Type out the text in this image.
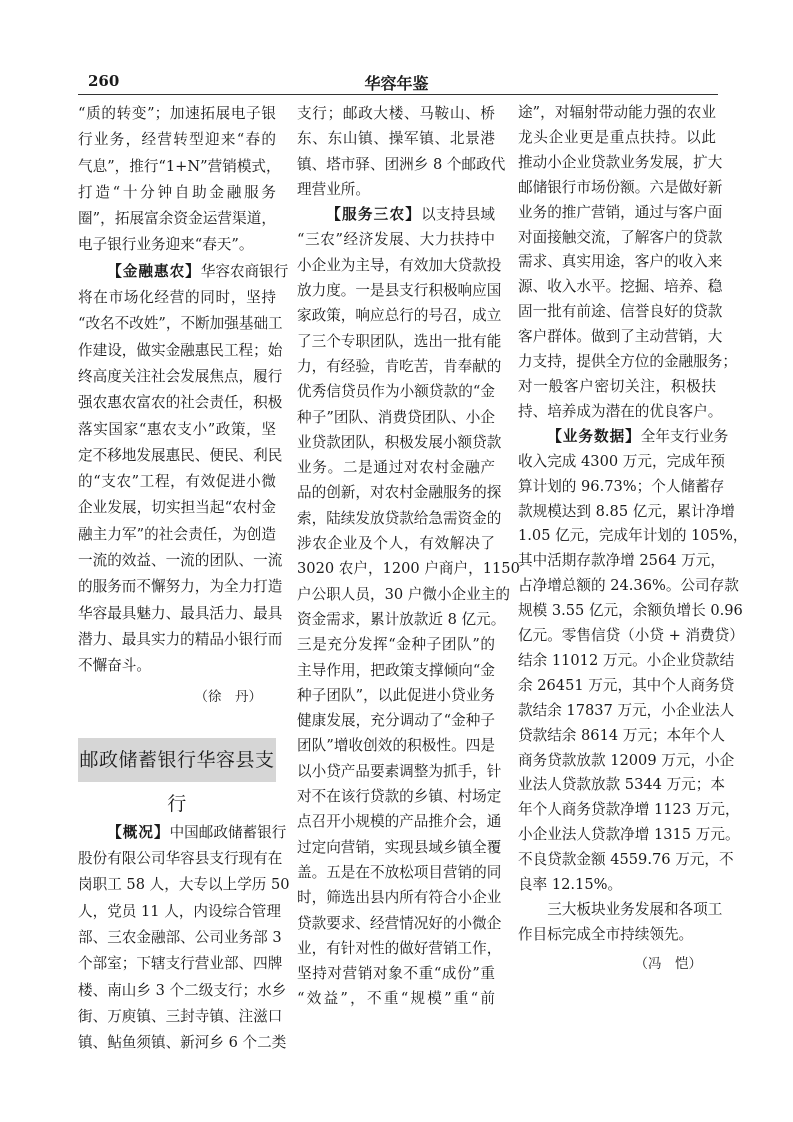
260	华容年鉴
“质的转变”；加速拓展电子银
行业务，经营转型迎来“春的
气息”，推行“1+N”营销模式，
打造“十分钟自助金融服务
圈”，拓展富余资金运营渠道，
电子银行业务迎来“春天”。
【金融惠农】华容农商银行
将在市场化经营的同时，坚持
“改名不改姓”，不断加强基础工
作建设，做实金融惠民工程；始
终高度关注社会发展焦点，履行
强农惠农富农的社会责任，积极
落实国家“惠农支小”政策，坚
定不移地发展惠民、便民、利民
的“支农”工程，有效促进小微
企业发展，切实担当起“农村金
融主力军”的社会责任，为创造
一流的效益、一流的团队、一流
的服务而不懈努力，为全力打造
华容最具魅力、最具活力、最具
潜力、最具实力的精品小银行而
不懈奋斗。
（徐　丹）
邮政储蓄银行华容县支行
【概况】中国邮政储蓄银行
股份有限公司华容县支行现有在
岗职工 58 人，大专以上学历 50
人，党员 11 人，内设综合管理
部、三农金融部、公司业务部 3
个部室；下辖支行营业部、四牌
楼、南山乡 3 个二级支行；水乡
街、万庾镇、三封寺镇、注滋口
镇、鲇鱼须镇、新河乡 6 个二类
支行；邮政大楼、马鞍山、桥
东、东山镇、操军镇、北景港
镇、塔市驿、团洲乡 8 个邮政代
理营业所。
【服务三农】以支持县域
“三农”经济发展、大力扶持中
小企业为主导，有效加大贷款投
放力度。一是县支行积极响应国
家政策，响应总行的号召，成立
了三个专职团队，选出一批有能
力，有经验，肯吃苦，肯奉献的
优秀信贷员作为小额贷款的“金
种子”团队、消费贷团队、小企
业贷款团队，积极发展小额贷款
业务。二是通过对农村金融产
品的创新，对农村金融服务的探
索，陆续发放贷款给急需资金的
涉农企业及个人，有效解决了
3020 农户，1200 户商户，1150
户公职人员，30 户微小企业主的
资金需求，累计放款近 8 亿元。
三是充分发挥“金种子团队”的
主导作用，把政策支撑倾向“金
种子团队”，以此促进小贷业务
健康发展，充分调动了“金种子
团队”增收创效的积极性。四是
以小贷产品要素调整为抓手，针
对不在该行贷款的乡镇、村场定
点召开小规模的产品推介会，通
过定向营销，实现县域乡镇全覆
盖。五是在不放松项目营销的同
时，筛选出县内所有符合小企业
贷款要求、经营情况好的小微企
业，有针对性的做好营销工作，
坚持对营销对象不重“成份”重
“效益”，不重“规模”重“前
途”，对辐射带动能力强的农业
龙头企业更是重点扶持。以此
推动小企业贷款业务发展，扩大
邮储银行市场份额。六是做好新
业务的推广营销，通过与客户面
对面接触交流，了解客户的贷款
需求、真实用途，客户的收入来
源、收入水平。挖掘、培养、稳
固一批有前途、信誉良好的贷款
客户群体。做到了主动营销，大
力支持，提供全方位的金融服务；
对一般客户密切关注，积极扶
持、培养成为潜在的优良客户。
【业务数据】全年支行业务
收入完成 4300 万元，完成年预
算计划的 96.73%；个人储蓄存
款规模达到 8.85 亿元，累计净增
1.05 亿元，完成年计划的 105%，
其中活期存款净增 2564 万元，
占净增总额的 24.36%。公司存款
规模 3.55 亿元，余额负增长 0.96
亿元。零售信贷（小贷 + 消费贷）
结余 11012 万元。小企业贷款结
余 26451 万元，其中个人商务贷
款结余 17837 万元，小企业法人
贷款结余 8614 万元；本年个人
商务贷款放款 12009 万元，小企
业法人贷款放款 5344 万元；本
年个人商务贷款净增 1123 万元，
小企业法人贷款净增 1315 万元。
不良贷款金额 4559.76 万元，不
良率 12.15%。
三大板块业务发展和各项工
作目标完成全市持续领先。
（冯　恺）
